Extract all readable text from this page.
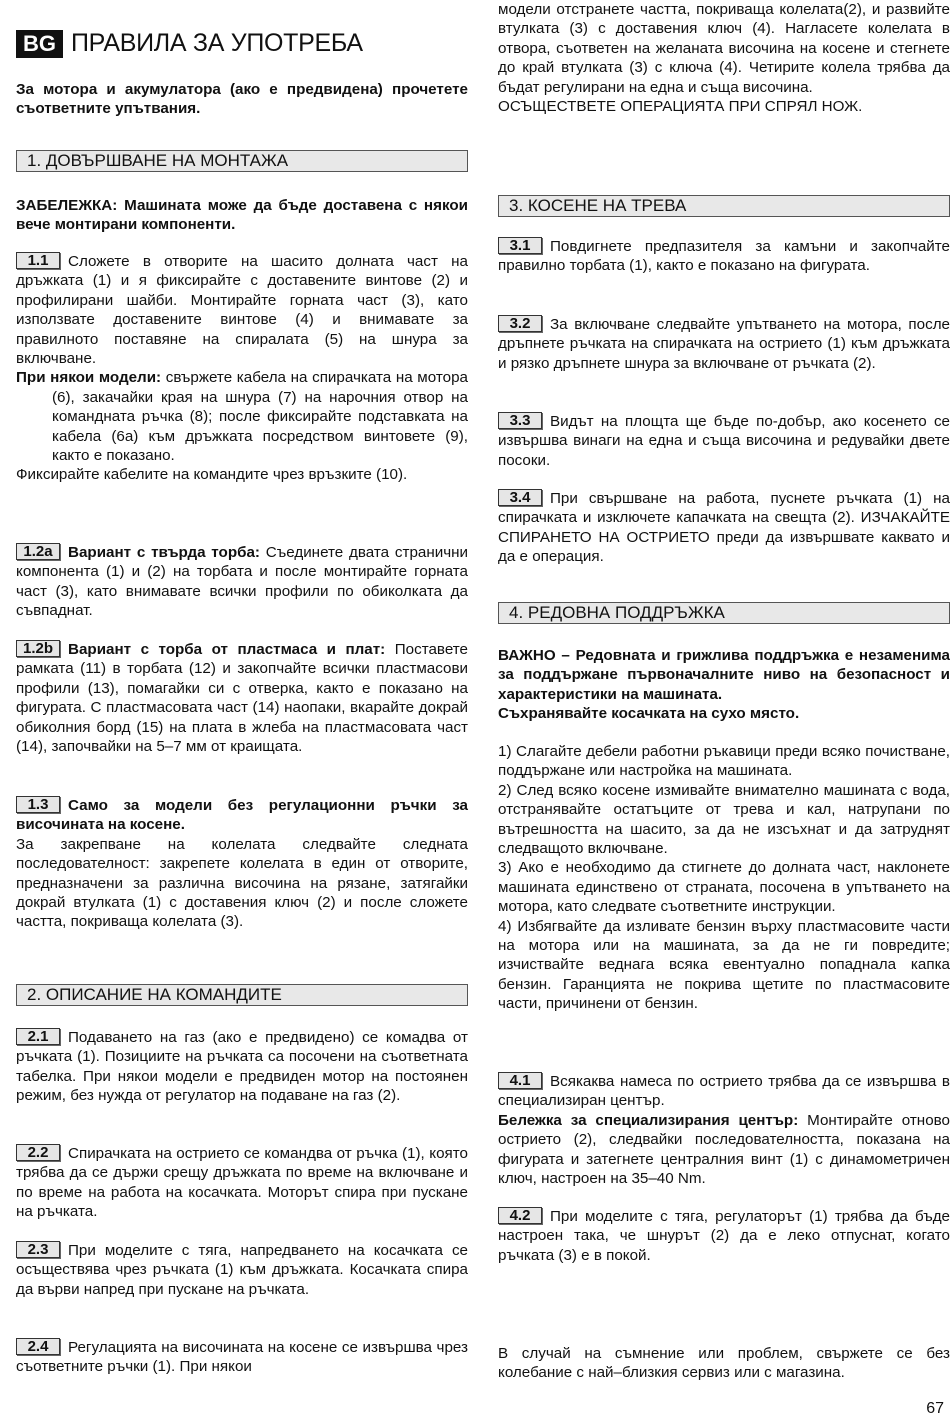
BG ПРАВИЛА ЗА УПОТРЕБА

За мотора и акумулатора (ако е предвидена) прочетете съответните упътвания.

1. ДОВЪРШВАНЕ НА МОНТАЖА

ЗАБЕЛЕЖКА: Машината може да бъде доставена с някои вече монтирани компоненти.

1.1 Сложете в отворите на шасито долната част на дръжката (1) и я фиксирайте с доставените винтове (2) и профилирани шайби. Монтирайте горната част (3), като използвате доставените винтове (4) и внимавате за правилното поставяне на спиралата (5) на шнура за включване.

При някои модели: свържете кабела на спирачката на мотора (6), закачайки края на шнура (7) на нарочния отвор на командната ръчка (8); после фиксирайте подставката на кабела (6а) към дръжката посредством винтовете (9), както е показано.

Фиксирайте кабелите на командите чрез връзките (10).

1.2a Вариант с твърда торба: Съединете двата странични компонента (1) и (2) на торбата и после монтирайте горната част (3), като внимавате всички профили по обиколката да съвпаднат.

1.2b Вариант с торба от пластмаса и плат: Поставете рамката (11) в торбата (12) и закопчайте всички пластмасови профили (13), помагайки си с отверка, както е показано на фигурата. С пластмасовата част (14) наопаки, вкарайте докрай обиколния борд (15) на плата в жлеба на пластмасовата част (14), започвайки на 5–7 мм от краищата.

1.3 Само за модели без регулационни ръчки за височината на косене.

За закрепване на колелата следвайте следната последователност: закрепете колелата в един от отворите, предназначени за различна височина на рязане, затягайки докрай втулката (1) с доставения ключ (2) и после сложете частта, покриваща колелата (3).

2. ОПИСАНИЕ НА КОМАНДИТЕ

2.1 Подаването на газ (ако е предвидено) се комадва от ръчката (1). Позициите на ръчката са посочени на съответната табелка. При някои модели е предвиден мотор на постоянен режим, без нужда от регулатор на подаване на газ (2).

2.2 Спирачката на острието се командва от ръчка (1), която трябва да се държи срещу дръжката по време на включване и по време на работа на косачката. Моторът спира при пускане на ръчката.

2.3 При моделите с тяга, напредването на косачката се осъществява чрез ръчката (1) към дръжката. Косачката спира да върви напред при пускане на ръчката.

2.4 Регулацията на височината на косене се извършва чрез съответните ръчки (1). При някои

модели отстранете частта, покриваща колелата(2), и развийте втулката (3) с доставения ключ (4). Нагласете колелата в отвора, съответен на желаната височина на косене и стегнете до край втулката (3) с ключа (4). Четирите колела трябва да бъдат регулирани на една и съща височина.

ОСЪЩЕСТВЕТЕ ОПЕРАЦИЯТА ПРИ СПРЯЛ НОЖ.

3. КОСЕНЕ НА ТРЕВА

3.1 Повдигнете предпазителя за камъни и закопчайте правилно торбата (1), както е показано на фигурата.

3.2 За включване следвайте упътването на мотора, после дръпнете ръчката на спирачката на острието (1) към дръжката и рязко дръпнете шнура за включване от ръчката (2).

3.3 Видът на площта ще бъде по-добър, ако косенето се извършва винаги на една и съща височина и редувайки двете посоки.

3.4 При свършване на работа, пуснете ръчката (1) на спирачката и изключете капачката на свещта (2). ИЗЧАКАЙТЕ СПИРАНЕТО НА ОСТРИЕТО преди да извършвате каквато и да е операция.

4. РЕДОВНА ПОДДРЪЖКА

ВАЖНО – Редовната и грижлива поддръжка е незаменима за поддържане първоначалните ниво на безопасност и характеристики на машината.

Съхранявайте косачката на сухо място.

1) Слагайте дебели работни ръкавици преди всяко почистване, поддържане или настройка на машината.

2) След всяко косене измивайте внимателно машината с вода, отстранявайте остатъците от трева и кал, натрупани по вътрешността на шасито, за да не изсъхнат и да затруднят следващото включване.

3) Ако е необходимо да стигнете до долната част, наклонете машината единствено от страната, посочена в упътването на мотора, като следвате съответните инструкции.

4) Избягвайте да изливате бензин върху пластмасовите части на мотора или на машината, за да не ги повредите; изчиствайте веднага всяка евентуално попаднала капка бензин. Гаранцията не покрива щетите по пластмасовите части, причинени от бензин.

4.1 Всякаква намеса по острието трябва да се извършва в специализиран център.

Бележка за специализирания център: Монтирайте отново острието (2), следвайки последователността, показана на фигурата и затегнете централния винт (1) с динамометричен ключ, настроен на 35–40 Nm.

4.2 При моделите с тяга, регулаторът (1) трябва да бъде настроен така, че шнурът (2) да е леко отпуснат, когато ръчката (3) е в покой.

В случай на съмнение или проблем, свържете се без колебание с най–близкия сервиз или с магазина.

67
